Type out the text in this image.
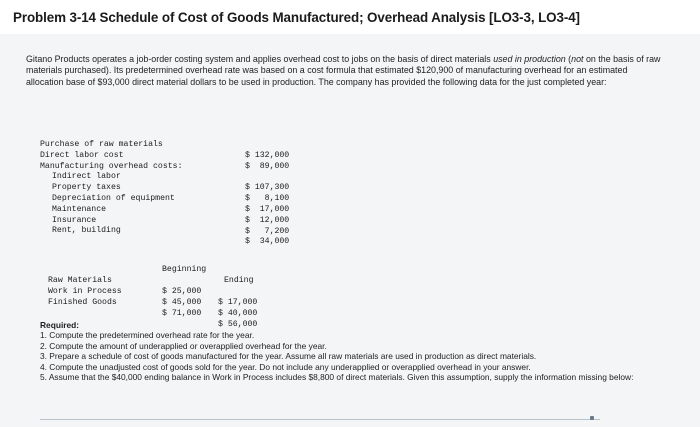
Problem 3-14 Schedule of Cost of Goods Manufactured; Overhead Analysis [LO3-3, LO3-4]
Gitano Products operates a job-order costing system and applies overhead cost to jobs on the basis of direct materials used in production (not on the basis of raw materials purchased). Its predetermined overhead rate was based on a cost formula that estimated $120,900 of manufacturing overhead for an estimated allocation base of $93,000 direct material dollars to be used in production. The company has provided the following data for the just completed year:

Purchase of raw materials

$ 132,000

Direct labor cost

$  89,000

Manufacturing overhead costs:

Indirect labor

$ 107,300

Property taxes

$   8,100

Depreciation of equipment

$  17,000

Maintenance

$  12,000

Insurance

$   7,200

Rent, building

$  34,000

Beginning

Ending

Raw Materials

$ 25,000

$ 17,000

Work in Process

$ 45,000

$ 40,000

Finished Goods

$ 71,000

$ 56,000

Required:
1. Compute the predetermined overhead rate for the year.
2. Compute the amount of underapplied or overapplied overhead for the year.
3. Prepare a schedule of cost of goods manufactured for the year. Assume all raw materials are used in production as direct materials.
4. Compute the unadjusted cost of goods sold for the year. Do not include any underapplied or overapplied overhead in your answer.
5. Assume that the $40,000 ending balance in Work in Process includes $8,800 of direct materials. Given this assumption, supply the information missing below:
